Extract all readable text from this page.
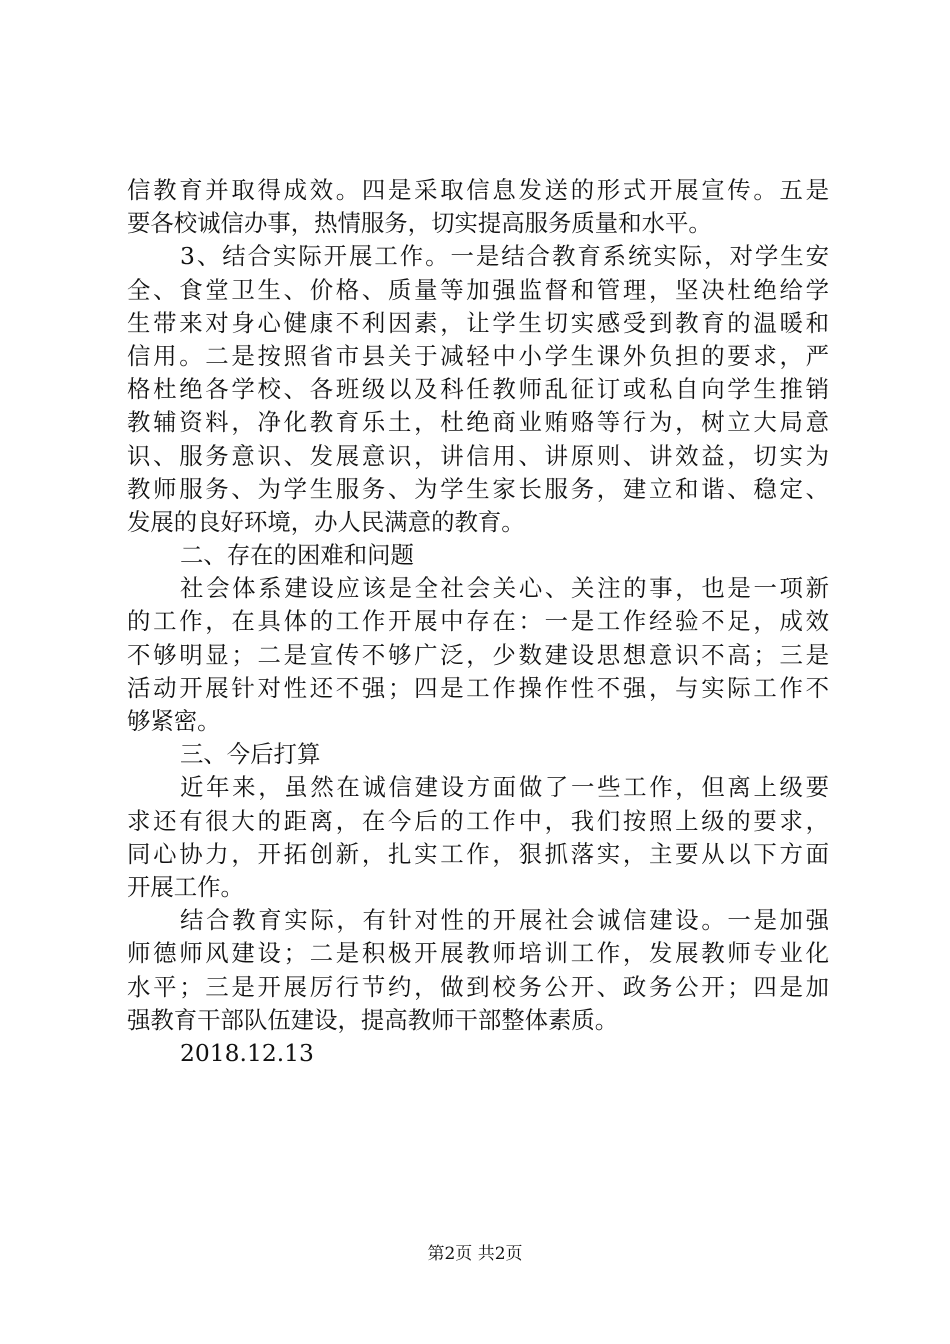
信教育并取得成效。四是采取信息发送的形式开展宣传。五是
要各校诚信办事，热情服务，切实提高服务质量和水平。
3、结合实际开展工作。一是结合教育系统实际，对学生安
全、食堂卫生、价格、质量等加强监督和管理，坚决杜绝给学
生带来对身心健康不利因素，让学生切实感受到教育的温暖和
信用。二是按照省市县关于减轻中小学生课外负担的要求，严
格杜绝各学校、各班级以及科任教师乱征订或私自向学生推销
教辅资料，净化教育乐土，杜绝商业贿赂等行为，树立大局意
识、服务意识、发展意识，讲信用、讲原则、讲效益，切实为
教师服务、为学生服务、为学生家长服务，建立和谐、稳定、
发展的良好环境，办人民满意的教育。
二、存在的困难和问题
社会体系建设应该是全社会关心、关注的事，也是一项新
的工作，在具体的工作开展中存在：一是工作经验不足，成效
不够明显；二是宣传不够广泛，少数建设思想意识不高；三是
活动开展针对性还不强；四是工作操作性不强，与实际工作不
够紧密。
三、今后打算
近年来，虽然在诚信建设方面做了一些工作，但离上级要
求还有很大的距离，在今后的工作中，我们按照上级的要求，
同心协力，开拓创新，扎实工作，狠抓落实，主要从以下方面
开展工作。
结合教育实际，有针对性的开展社会诚信建设。一是加强
师德师风建设；二是积极开展教师培训工作，发展教师专业化
水平；三是开展厉行节约，做到校务公开、政务公开；四是加
强教育干部队伍建设，提高教师干部整体素质。
2018.12.13
第2页 共2页
